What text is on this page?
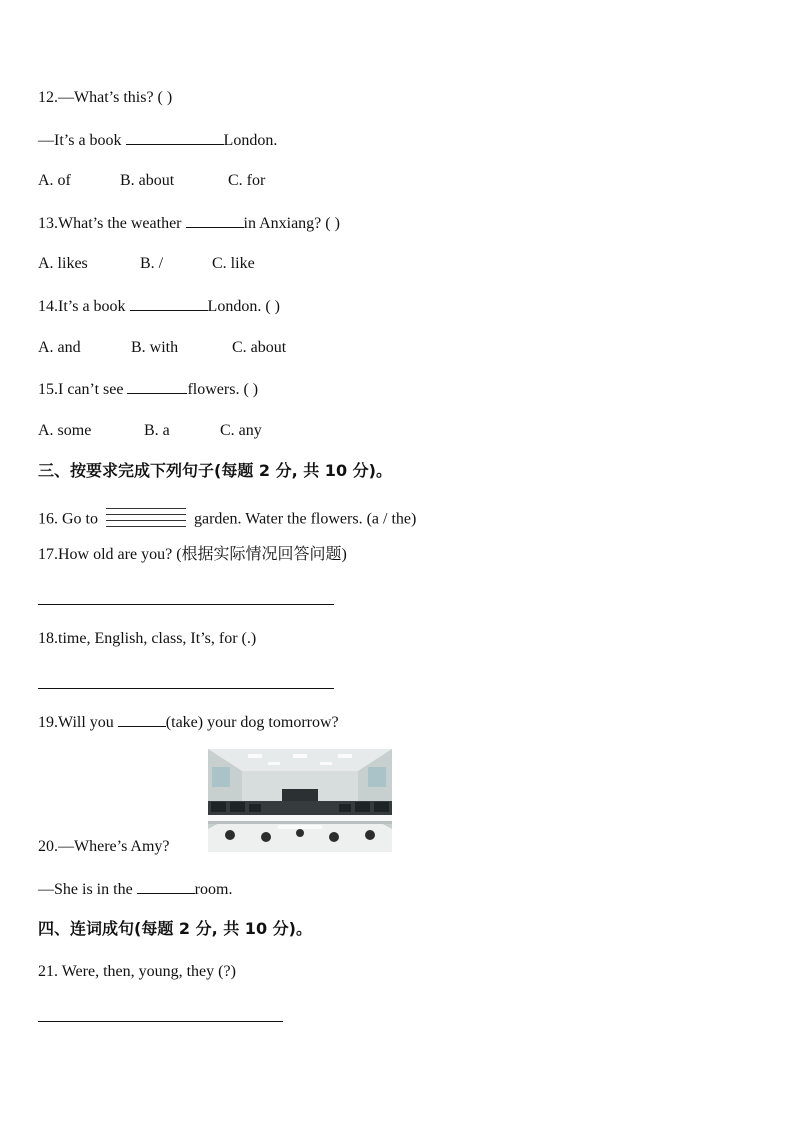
12.—What’s this? ( )
—It’s a book	London.
A. of	B. about	C. for
13.What’s the weather	in Anxiang? ( )
A. likes	B. /	C. like
14.It’s a book	London. ( )
A. and	B. with	C. about
15.I can’t see	flowers. ( )
A. some	B. a	C. any
三、按要求完成下列句子(每题 2 分, 共 10 分)。
16. Go to	garden. Water the flowers. (a / the)
17.How old are you? (根据实际情况回答问题)
18.time, English, class, It’s, for (.)
19.Will you	(take) your dog tomorrow?
20.—Where’s Amy?
—She is in the	room.
四、连词成句(每题 2 分, 共 10 分)。
21. Were, then, young, they (?)
